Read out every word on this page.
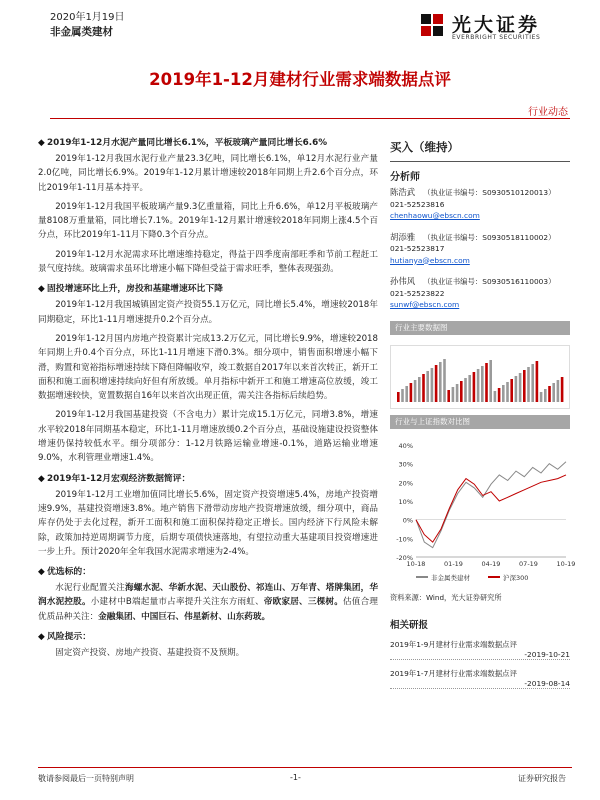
2020年1月19日
非金属类建材	光大证券
EVERBRIGHT SECURITIES
2019年1-12月建材行业需求端数据点评
行业动态
◆ 2019年1-12月水泥产量同比增长6.1%，平板玻璃产量同比增长6.6%

2019年1-12月我国水泥行业产量23.3亿吨，同比增长6.1%，单12月水泥行业产量2.0亿吨，同比增长6.9%。2019年1-12月累计增速较2018年同期上升2.6个百分点，环比2019年1-11月基本持平。

2019年1-12月我国平板玻璃产量9.3亿重量箱，同比上升6.6%，单12月平板玻璃产量8108万重量箱，同比增长7.1%。2019年1-12月累计增速较2018年同期上涨4.5个百分点，环比2019年1-11月下降0.3个百分点。

2019年1-12月水泥需求环比增速维持稳定，得益于四季度南部旺季和节前工程赶工景气度持续。玻璃需求虽环比增速小幅下降但受益于需求旺季，整体表现强劲。

◆ 固投增速环比上升，房投和基建增速环比下降

2019年1-12月我国城镇固定资产投资55.1万亿元，同比增长5.4%，增速较2018年同期稳定，环比1-11月增速提升0.2个百分点。

2019年1-12月国内房地产投资累计完成13.2万亿元，同比增长9.9%，增速较2018年同期上升0.4个百分点，环比1-11月增速下滑0.3%。细分项中，销售面积增速小幅下滑，购置和宽裕指标增速持续下降但降幅收窄，竣工数据自2017年以来首次转正，新开工面积和施工面积增速持续向好但有所放缓。单月指标中新开工和施工增速高位放缓，竣工数据增速较快，宽置数据自16年以来首次出现正值，需关注各指标后续趋势。

2019年1-12月我国基建投资（不含电力）累计完成15.1万亿元，同增3.8%，增速水平较2018年同期基本稳定，环比1-11月增速放缓0.2个百分点，基础设施建设投资整体增速仍保持较低水平。细分项部分：1-12月铁路运输业增速-0.1%，道路运输业增速9.0%，水利管理业增速1.4%。

◆ 2019年1-12月宏观经济数据简评：

2019年1-12月工业增加值同比增长5.6%，固定资产投资增速5.4%，房地产投资增速9.9%，基建投资增速3.8%。地产销售下滑带动房地产投资增速放缓，细分项中，商品库存仍处于去化过程，新开工面积和施工面积保持稳定正增长。国内经济下行风险未解除，政策加持逆周期调节力度，后期专项债快速落地，有望拉动重大基建项目投资增速进一步上升。预计2020年全年我国水泥需求增速为2-4%。

◆ 优选标的：

水泥行业配置关注海螺水泥、华新水泥、天山股份、祁连山、万年青、塔牌集团，华润水泥控股。小建材中B端起量市占率提升关注东方雨虹、帝欧家居、三棵树。估值合理优质品种关注：金融集团、中国巨石、伟星新材、山东药玻。

◆ 风险提示：

固定资产投资、房地产投资、基建投资不及预期。

买入（维持）
分析师
陈浩武 （执业证书编号：S0930510120013）
021-52523816
chenhaowu@ebscn.com
胡添雅 （执业证书编号：S0930518110002）
021-52523817
hutianya@ebscn.com
孙伟风 （执业证书编号：S0930516110003）
021-52523822
sunwf@ebscn.com
行业主要数据图
行业与上证指数对比图
40%
30%
20%
10%
0%
-10%
-20%
10-18	01-19	04-19	07-19	10-19
非金属类建材	沪深300
资料来源：Wind，光大证券研究所
相关研报
2019年1-9月建材行业需求端数据点评
-2019-10-21
2019年1-7月建材行业需求端数据点评
-2019-08-14
敬请参阅最后一页特别声明	-1-	证券研究报告
